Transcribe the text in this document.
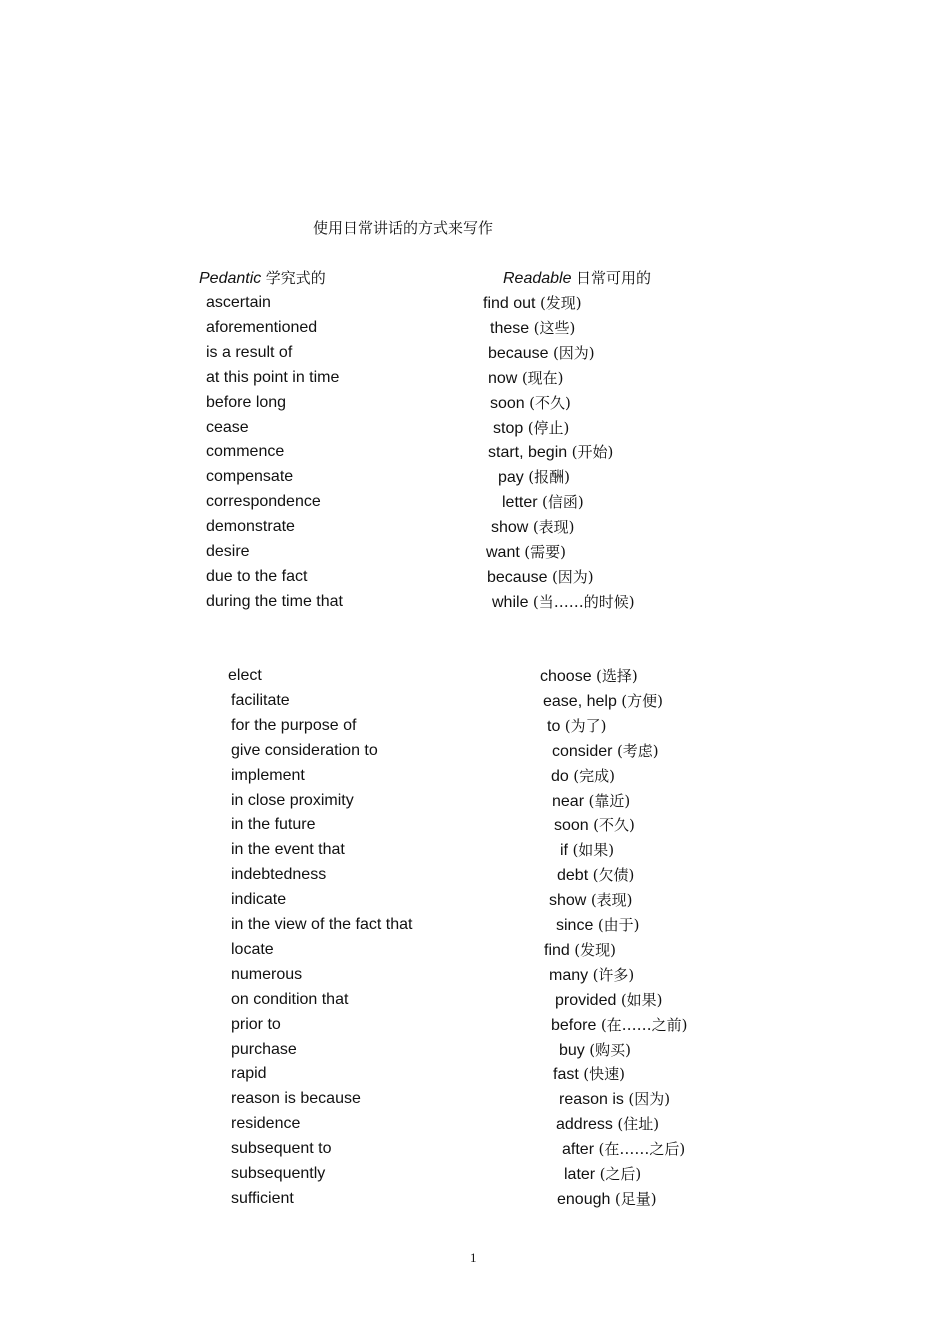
使用日常讲话的方式来写作
Pedantic 学究式的	Readable 日常可用的
ascertain	find out (发现)
aforementioned	these (这些)
is a result of	because (因为)
at this point in time	now (现在)
before long	soon (不久)
cease	stop (停止)
commence	start, begin (开始)
compensate	pay (报酬)
correspondence	letter (信函)
demonstrate	show (表现)
desire	want (需要)
due to the fact	because (因为)
during the time that	while (当……的时候)
elect	choose (选择)
facilitate	ease, help (方便)
for the purpose of	to (为了)
give consideration to	consider (考虑)
implement	do (完成)
in close proximity	near (靠近)
in the future	soon (不久)
in the event that	if (如果)
indebtedness	debt (欠债)
indicate	show (表现)
in the view of the fact that	since (由于)
locate	find (发现)
numerous	many (许多)
on condition that	provided (如果)
prior to	before (在……之前)
purchase	buy (购买)
rapid	fast (快速)
reason is because	reason is (因为)
residence	address (住址)
subsequent to	after (在……之后)
subsequently	later (之后)
sufficient	enough (足量)
1
